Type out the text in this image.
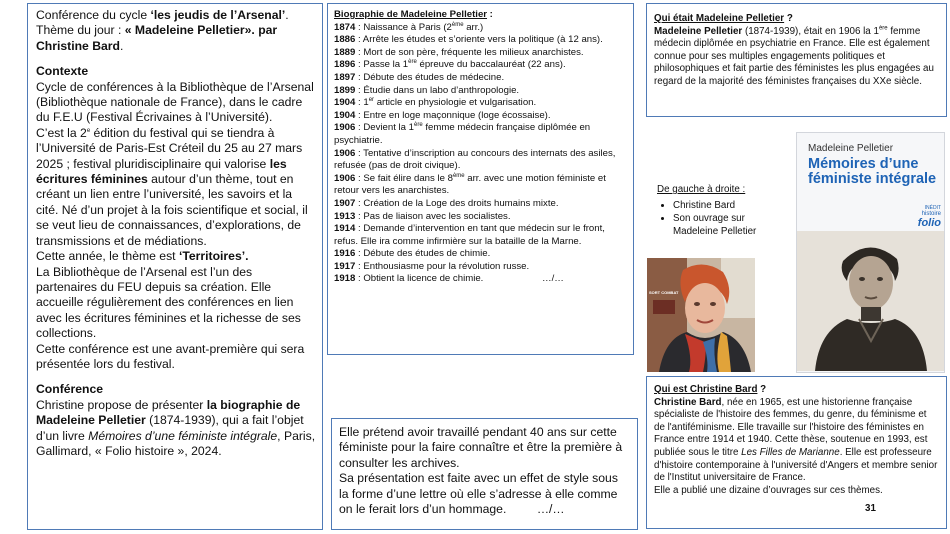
Conférence du cycle ‘les jeudis de l’Arsenal’.

Thème du jour : « Madeleine Pelletier». par Christine Bard.

Contexte

Cycle de conférences à la Bibliothèque de l’Arsenal (Bibliothèque nationale de France), dans le cadre du F.E.U (Festival Écrivaines à l’Université).

C’est la 2e édition du festival qui se tiendra à l’Université de Paris-Est Créteil du 25 au 27 mars 2025 ; festival pluridisciplinaire qui valorise les écritures féminines autour d’un thème, tout en créant un lien entre l’université, les savoirs et la cité. Né d’un projet à la fois scientifique et social, il se veut lieu de connaissances, d’explorations, de transmissions et de médiations.

Cette année, le thème est ‘Territoires’.

La Bibliothèque de l’Arsenal est l’un des partenaires du FEU depuis sa création. Elle accueille régulièrement des conférences en lien avec les écritures féminines et la richesse de ses collections.

Cette conférence est une avant-première qui sera présentée lors du festival.

Conférence

Christine propose de présenter la biographie de Madeleine Pelletier (1874-1939), qui a fait l’objet d’un livre Mémoires d’une féministe intégrale, Paris, Gallimard, « Folio histoire », 2024.

Biographie de Madeleine Pelletier :

1874 : Naissance à Paris (2ème arr.)

1886 : Arrête les études et s’oriente vers la politique (à 12 ans).

1889 : Mort de son père, fréquente les milieux anarchistes.

1896 : Passe la 1ère épreuve du baccalauréat (22 ans).

1897 : Débute des études de médecine.

1899 : Étudie dans un labo d’anthropologie.

1904 : 1er article en physiologie et vulgarisation.

1904 : Entre en loge maçonnique (loge écossaise).

1906 : Devient la 1ère femme médecin française diplômée en psychiatrie.

1906 : Tentative d’inscription au concours des internats des asiles, refusée (pas de droit civique).

1906 : Se fait élire dans le 8ème arr. avec une motion féministe et retour vers les anarchistes.

1907 : Création de la Loge des droits humains mixte.

1913 : Pas de liaison avec les socialistes.

1914 : Demande d’intervention en tant que médecin sur le front, refus. Elle ira comme infirmière sur la bataille de la Marne.

1916 : Débute des études de chimie.

1917 : Enthousiasme pour la révolution russe.

1918 : Obtient la licence de chimie.	…/…

Elle prétend avoir travaillé pendant 40 ans sur cette féministe pour la faire connaître et être la première à consulter les archives.

Sa présentation est faite avec un effet de style sous la forme d’une lettre où elle s’adresse à elle comme on le ferait lors d’un hommage. …/…

Qui était Madeleine Pelletier ?

Madeleine Pelletier (1874-1939), était en 1906 la 1ère femme médecin diplômée en psychiatrie en France. Elle est également connue pour ses multiples engagements politiques et philosophiques et fait partie des féministes les plus engagées au regard de la majorité des féministes françaises du XXe siècle.

De gauche à droite :

• Christine Bard
• Son ouvrage sur Madeleine Pelletier
SORT COMBAT
Madeleine Pelletier
Mémoires d’une féministe intégrale
INÉDIT
histoire
folio

Qui est Christine Bard ?

Christine Bard, née en 1965, est une historienne française spécialiste de l'histoire des femmes, du genre, du féminisme et de l'antiféminisme. Elle travaille sur l'histoire des féministes en France entre 1914 et 1940. Cette thèse, soutenue en 1993, est publiée sous le titre Les Filles de Marianne. Elle est professeure d'histoire contemporaine à l'université d'Angers et membre senior de l'Institut universitaire de France.

Elle a publié une dizaine d’ouvrages sur ces thèmes.

31
